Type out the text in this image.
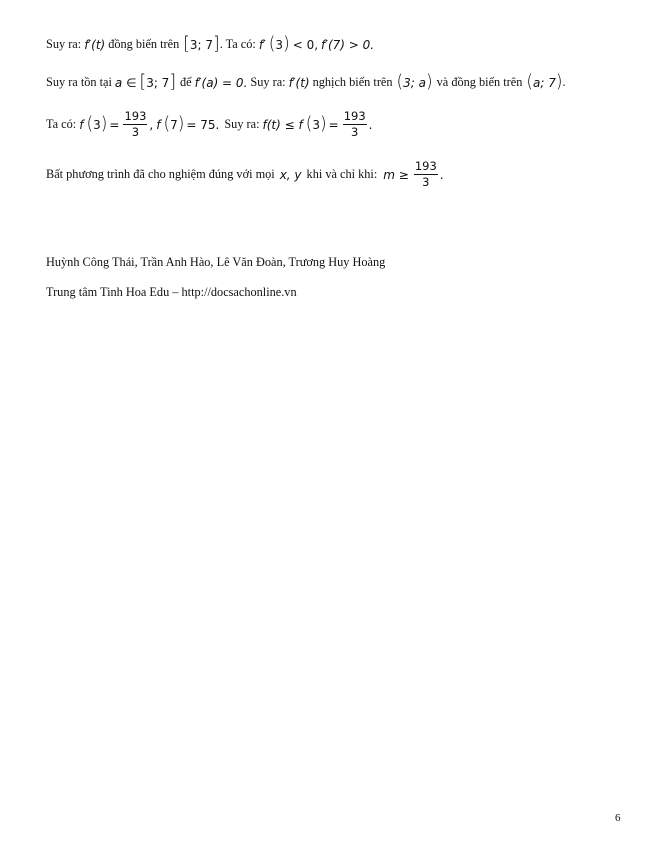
Suy ra: f′(t) đồng biến trên [ 3; 7 ] . Ta có: f′ ( 3 ) < 0, f′(7) > 0.
Suy ra tồn tại a ∈ [ 3; 7 ] để f′(a) = 0. Suy ra: f′(t) nghịch biến trên ( 3; a ) và đồng biến trên ( a; 7 ) .
Ta có: f ( 3 ) = $\frac{193}{3}$ , f ( 7 ) = 75. Suy ra: f(t) ≤ f ( 3 ) = $\frac{193}{3}$ .
Bất phương trình đã cho nghiệm đúng với mọi x, y khi và chỉ khi: $m \ge \frac{193}{3}$ .
Huỳnh Công Thái, Trần Anh Hào, Lê Văn Đoàn, Trương Huy Hoàng
Trung tâm Tinh Hoa Edu – http://docsachonline.vn
6
